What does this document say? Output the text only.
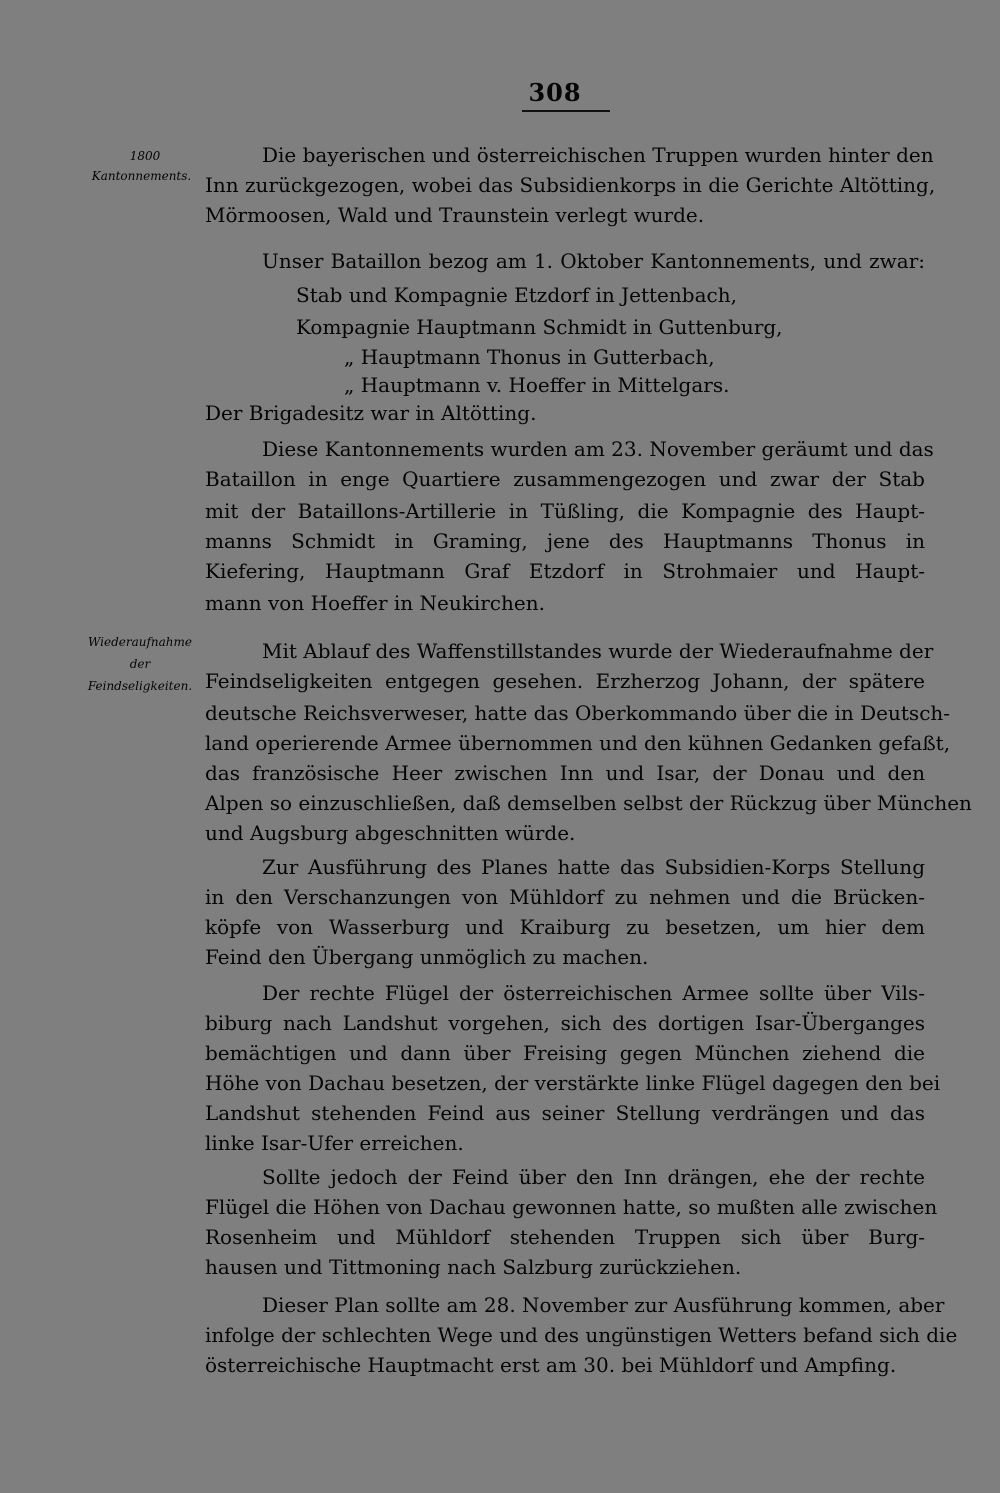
308
1800
Kantonnements.
Wiederaufnahme
der
Feindseligkeiten.
Die bayerischen und österreichischen Truppen wurden hinter den
Inn zurückgezogen, wobei das Subsidienkorps in die Gerichte Altötting,
Mörmoosen, Wald und Traunstein verlegt wurde.
Unser Bataillon bezog am 1. Oktober Kantonnements, und zwar:
Stab und Kompagnie Etzdorf in Jettenbach,
Kompagnie Hauptmann Schmidt in Guttenburg,
„ Hauptmann Thonus in Gutterbach,
„ Hauptmann v. Hoeffer in Mittelgars.
Der Brigadesitz war in Altötting.
Diese Kantonnements wurden am 23. November geräumt und das
Bataillon in enge Quartiere zusammengezogen und zwar der Stab
mit der Bataillons-Artillerie in Tüßling, die Kompagnie des Haupt-
manns Schmidt in Graming, jene des Hauptmanns Thonus in
Kiefering, Hauptmann Graf Etzdorf in Strohmaier und Haupt-
mann von Hoeffer in Neukirchen.
Mit Ablauf des Waffenstillstandes wurde der Wiederaufnahme der
Feindseligkeiten entgegen gesehen. Erzherzog Johann, der spätere
deutsche Reichsverweser, hatte das Oberkommando über die in Deutsch-
land operierende Armee übernommen und den kühnen Gedanken gefaßt,
das französische Heer zwischen Inn und Isar, der Donau und den
Alpen so einzuschließen, daß demselben selbst der Rückzug über München
und Augsburg abgeschnitten würde.
Zur Ausführung des Planes hatte das Subsidien-Korps Stellung
in den Verschanzungen von Mühldorf zu nehmen und die Brücken-
köpfe von Wasserburg und Kraiburg zu besetzen, um hier dem
Feind den Übergang unmöglich zu machen.
Der rechte Flügel der österreichischen Armee sollte über Vils-
biburg nach Landshut vorgehen, sich des dortigen Isar-Überganges
bemächtigen und dann über Freising gegen München ziehend die
Höhe von Dachau besetzen, der verstärkte linke Flügel dagegen den bei
Landshut stehenden Feind aus seiner Stellung verdrängen und das
linke Isar-Ufer erreichen.
Sollte jedoch der Feind über den Inn drängen, ehe der rechte
Flügel die Höhen von Dachau gewonnen hatte, so mußten alle zwischen
Rosenheim und Mühldorf stehenden Truppen sich über Burg-
hausen und Tittmoning nach Salzburg zurückziehen.
Dieser Plan sollte am 28. November zur Ausführung kommen, aber
infolge der schlechten Wege und des ungünstigen Wetters befand sich die
österreichische Hauptmacht erst am 30. bei Mühldorf und Ampfing.
